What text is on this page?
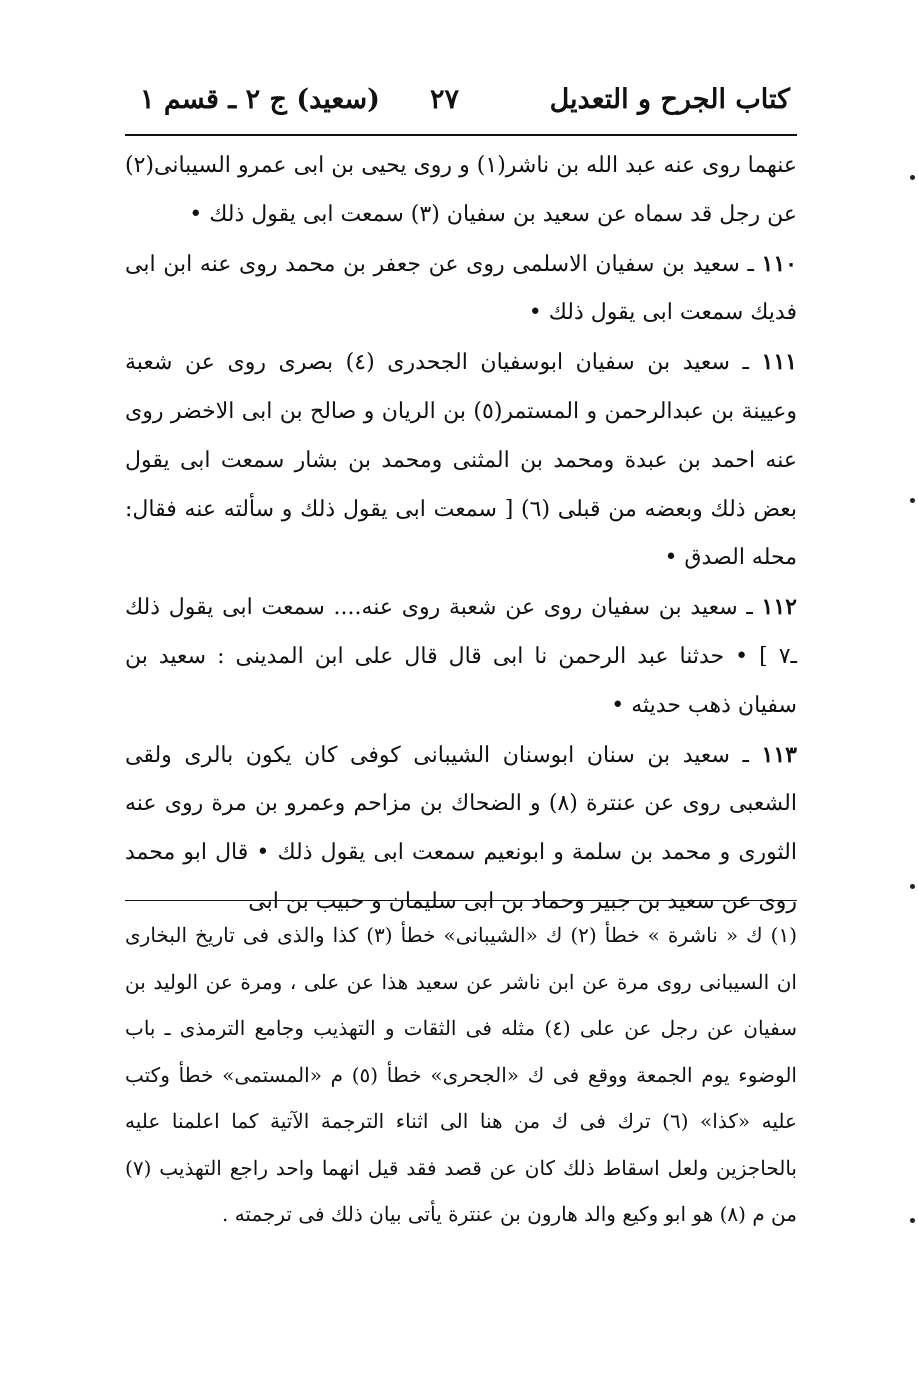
كتاب الجرح و التعديل
٢٧
(سعيد) ج ٢ ـ قسم ١

عنهما روى عنه عبد الله بن ناشر(١) و روى يحيى بن ابى عمرو السيبانى(٢) عن رجل قد سماه عن سعيد بن سفيان (٣) سمعت ابى يقول ذلك •

١١٠ ـ سعيد بن سفيان الاسلمى روى عن جعفر بن محمد روى عنه ابن ابى فديك سمعت ابى يقول ذلك •

١١١ ـ سعيد بن سفيان ابوسفيان الجحدرى (٤) بصرى روى عن شعبة وعيينة بن عبدالرحمن و المستمر(٥) بن الريان و صالح بن ابى الاخضر روى عنه احمد بن عبدة ومحمد بن المثنى ومحمد بن بشار سمعت ابى يقول بعض ذلك وبعضه من قبلى (٦) [ سمعت ابى يقول ذلك و سألته عنه فقال: محله الصدق •

١١٢ ـ سعيد بن سفيان روى عن شعبة روى عنه.... سمعت ابى يقول ذلك ـ٧ ] • حدثنا عبد الرحمن نا ابى قال قال على ابن المدينى : سعيد بن سفيان ذهب حديثه •

١١٣ ـ سعيد بن سنان ابوسنان الشيبانى كوفى كان يكون بالرى ولقى الشعبى روى عن عنترة (٨) و الضحاك بن مزاحم وعمرو بن مرة روى عنه الثورى و محمد بن سلمة و ابونعيم سمعت ابى يقول ذلك • قال ابو محمد روى عن سعيد بن جبير وحماد بن ابى سليمان و حبيب بن ابى

(١) ك « ناشرة » خطأ (٢) ك «الشيبانى» خطأ (٣) كذا والذى فى تاريخ البخارى ان السيبانى روى مرة عن ابن ناشر عن سعيد هذا عن على ، ومرة عن الوليد بن سفيان عن رجل عن على (٤) مثله فى الثقات و التهذيب وجامع الترمذى ـ باب الوضوء يوم الجمعة ووقع فى ك «الجحرى» خطأ (٥) م «المستمى» خطأ وكتب عليه «كذا» (٦) ترك فى ك من هنا الى اثناء الترجمة الآتية كما اعلمنا عليه بالحاجزين ولعل اسقاط ذلك كان عن قصد فقد قيل انهما واحد راجع التهذيب (٧) من م (٨) هو ابو وكيع والد هارون بن عنترة يأتى بيان ذلك فى ترجمته .
